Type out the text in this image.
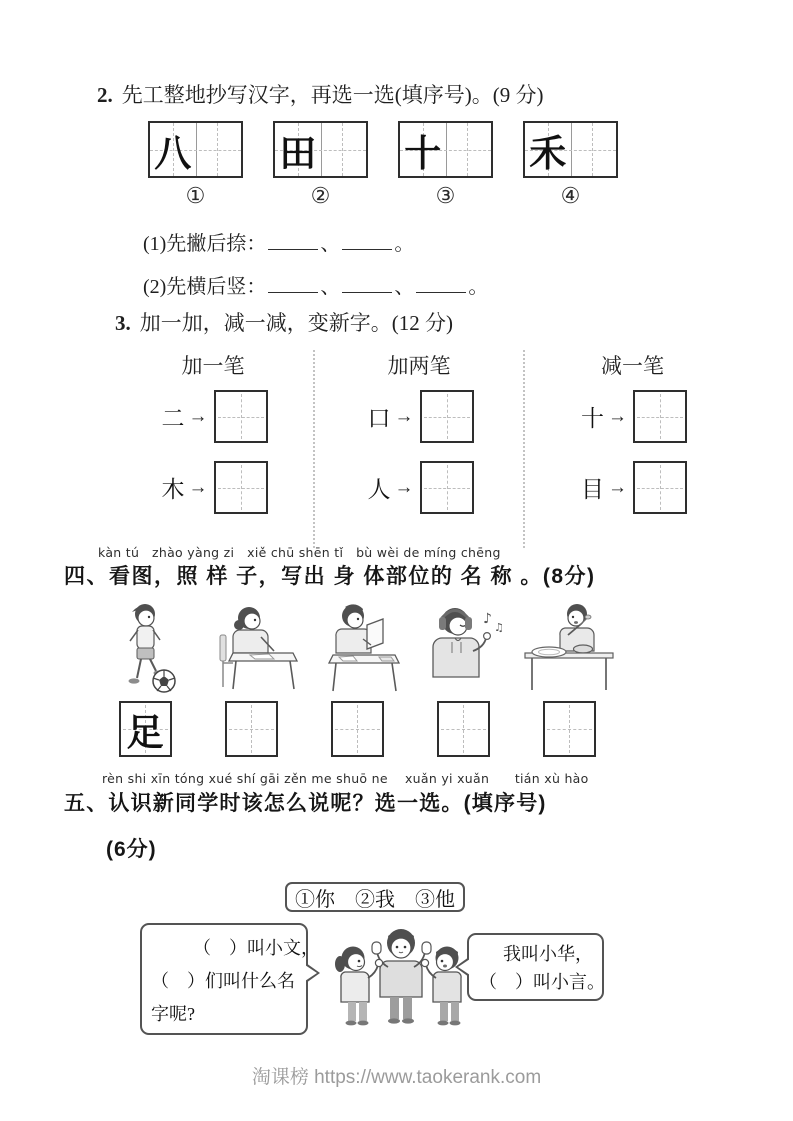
2. 先工整地抄写汉字，再选一选(填序号)。(9 分)
八
①
田
②
十
③
禾
④
(1)先撇后捺：	、	。
(2)先横后竖：	、	、	。
3. 加一加，减一减，变新字。(12 分)
加一笔
二 →
木 →
加两笔
口 →
人 →
减一笔
十 →
目 →
kàn tú   zhào yàng zi   xiě chū shēn tǐ   bù wèi de míng chēng
四、看图，照 样 子，写出 身 体部位的 名 称 。(8分)
足
♪
♫
rèn shi xīn tóng xué shí gāi zěn me shuō ne    xuǎn yi xuǎn      tián xù hào
五、认识新同学时该怎么说呢？选一选。(填序号)
(6分)
①你　②我　③他
（　）叫小文，
（　）们叫什么名
字呢?
我叫小华，
（　）叫小言。
淘课榜 https://www.taokerank.com
